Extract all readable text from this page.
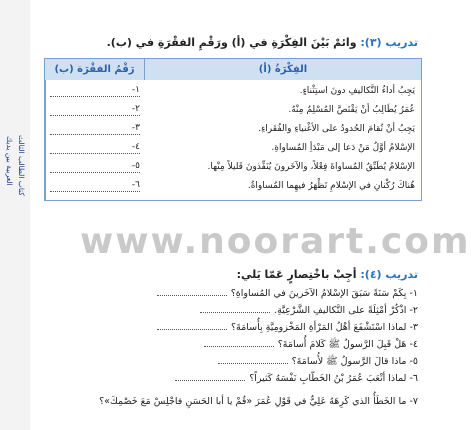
العربية بين يديك كتاب الطالب الثالث
تدريب (٣): وائمْ بَيْنَ الفِكْرَةِ في (أ) ورَقْمِ الفقْرَةِ في (ب).
(أ) الفِكْرَةُ
(ب) رَقْمُ الفقْرَة
يَجِبُ أداءُ التَّكاليفِ دونَ استِثْناءٍ.
عُمَرُ يُطَالِبُ أنْ يَقْتَصَّ المُسْلِمُ مِنْهُ.
يَجِبُ أنْ تُقامَ الحُدودُ على الأغْنياءِ والفُقَراءِ.
الإسْلامُ أوَّلُ مَنْ دَعا إلى مَبْدَأِ المُساواةِ.
الإسْلامُ يُطَبِّقُ المُساواةَ فِعْلاً، والآخَرونَ يُنَفِّذونَ قَليلاً مِنْها.
هُناكَ رُكْنانِ في الإسْلامِ تَظْهَرُ فيهِما المُساواةُ.
-١
-٢
-٣
-٤
-٥
-٦
www.noorart.com
تدريب (٤): أجِبْ باخْتِصارٍ عَمّا يَلي:
١- بِكَمْ سَنَةً سَبَقَ الإسْلامُ الآخَرينَ في المُساواةِ؟
٢- اذْكُرْ أمْثِلَةً على التَّكاليفِ الشَّرْعِيَّةِ.
٣- لماذا اسْتَشْفَعَ أهْلُ المَرْأةِ المَخْزومِيَّةِ بِأُسامَةَ؟
٤- هَلْ قَبِلَ الرَّسولُ ﷺ كَلامَ أُسامَةَ؟
٥- ماذا قالَ الرَّسولُ ﷺ لأُسامَةَ؟
٦- لماذا أتْعَبَ عُمَرُ بْنُ الخَطّابِ نَفْسَهُ كَثيراً؟
٧- ما الخَطَأُ الذي كَرِهَهُ عَلِيٌّ في قَوْلِ عُمَرَ «قُمْ يا أبا الحَسَنِ فاجْلِسْ مَعَ خَصْمِكَ»؟
